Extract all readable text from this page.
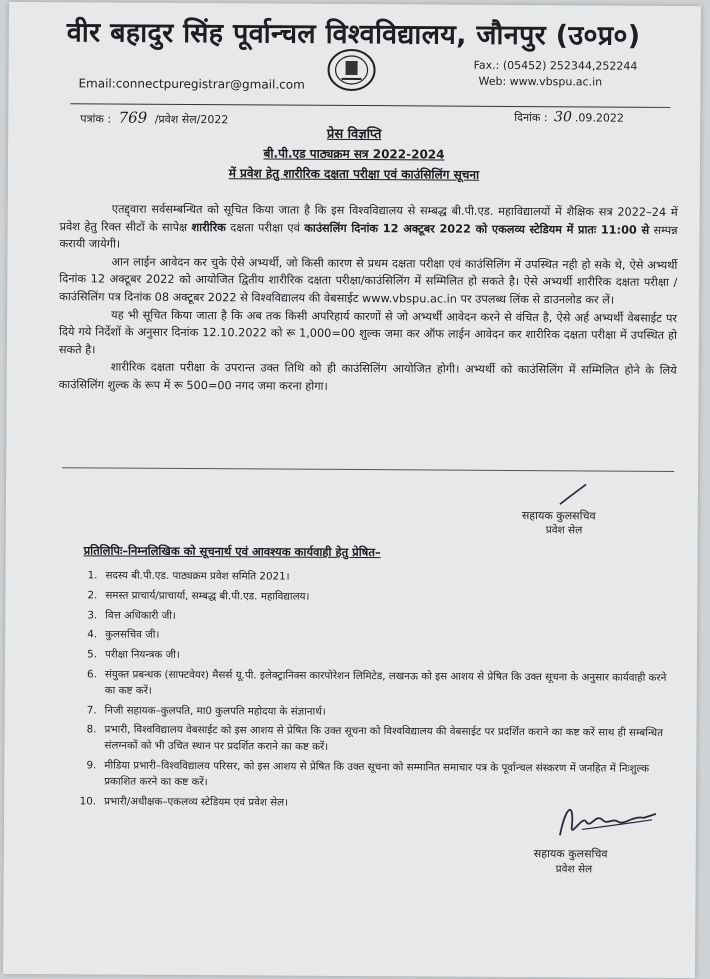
वीर बहादुर सिंह पूर्वान्चल विश्वविद्यालय, जौनपुर (उ०प्र०)
Fax.: (05452) 252344,252244
Web: www.vbspu.ac.in
Email:connectpuregistrar@gmail.com
पत्रांक : 769 /प्रवेश सेल/2022	दिनांक : 30 .09.2022
प्रेस विज्ञप्ति
बी.पी.एड पाठ्यक्रम सत्र 2022-2024
में प्रवेश हेतु शारीरिक दक्षता परीक्षा एवं काउंसिलिंग सूचना

एतद्द्वारा सर्वसम्बन्धित को सूचित किया जाता है कि इस विश्वविद्यालय से सम्बद्ध बी.पी.एड. महाविद्यालयों में शैक्षिक सत्र 2022–24 में प्रवेश हेतु रिक्त सीटों के सापेक्ष शारीरिक दक्षता परीक्षा एवं काउंसलिंग दिनांक 12 अक्टूबर 2022 को एकलव्य स्टेडियम में प्रातः 11:00 से सम्पन्न करायी जायेगी।

आन लाईन आवेदन कर चुके ऐसे अभ्यर्थी, जो किसी कारण से प्रथम दक्षता परीक्षा एवं काउंसिलिंग में उपस्थित नही हो सके थे, ऐसे अभ्यर्थी दिनांक 12 अक्टूबर 2022 को आयोजित द्वितीय शारीरिक दक्षता परीक्षा/काउंसिलिंग में सम्मिलित हो सकते है। ऐसे अभ्यर्थी शारीरिक दक्षता परीक्षा /काउंसिलिंग पत्र दिनांक 08 अक्टूबर 2022 से विश्वविद्यालय की वेबसाईट www.vbspu.ac.in पर उपलब्ध लिंक से डाउनलोड कर लें।

यह भी सूचित किया जाता है कि अब तक किसी अपरिहार्य कारणों से जो अभ्यर्थी आवेदन करने से वंचित है, ऐसे अर्ह अभ्यर्थी वेबसाईट पर दिये गये निर्देशों के अनुसार दिनांक 12.10.2022 को रू 1,000=00 शुल्क जमा कर ऑफ लाईन आवेदन कर शारीरिक दक्षता परीक्षा में उपस्थित हो सकते है।

शारीरिक दक्षता परीक्षा के उपरान्त उक्त तिथि को ही काउंसिलिंग आयोजित होगी। अभ्यर्थी को काउंसिलिंग में सम्मिलित होने के लिये काउंसिलिंग शुल्क के रूप में रू 500=00 नगद जमा करना होगा।

सहायक कुलसचिव
प्रवेश सेल
प्रतिलिपिः–निम्नलिखिक को सूचनार्थ एवं आवश्यक कार्यवाही हेतु प्रेषित–
1. सदस्य बी.पी.एड. पाठ्यक्रम प्रवेश समिति 2021।
2. समस्त प्राचार्य/प्राचार्या, सम्बद्ध बी.पी.एड. महाविद्यालय।
3. वित्त अधिकारी जी।
4. कुलसचिव जी।
5. परीक्षा नियन्त्रक जी।
6. संयुक्त प्रबन्धक (साफ्टवेयर) मैसर्स यू.पी. इलेक्ट्रानिक्स कारपोरेशन लिमिटेड, लखनऊ को इस आशय से प्रेषित कि उक्त सूचना के अनुसार कार्यवाही करने का कष्ट करें।
7. निजी सहायक–कुलपति, मा0 कुलपति महोदया के संज्ञानार्थ।
8. प्रभारी, विश्वविद्यालय वेबसाईट को इस आशय से प्रेषित कि उक्त सूचना को विश्वविद्यालय की वेबसाईट पर प्रदर्शित कराने का कष्ट करें साथ ही सम्बन्धित संलग्नकों को भी उचित स्थान पर प्रदर्शित कराने का कष्ट करें।
9. मीडिया प्रभारी–विश्वविद्यालय परिसर, को इस आशय से प्रेषित कि उक्त सूचना को सम्मानित समाचार पत्र के पूर्वान्चल संस्करण में जनहित में निःशुल्क प्रकाशित करने का कष्ट करें।
10. प्रभारी/अधीक्षक–एकलव्य स्टेडियम एवं प्रवेश सेल।
सहायक कुलसचिव
प्रवेश सेल
